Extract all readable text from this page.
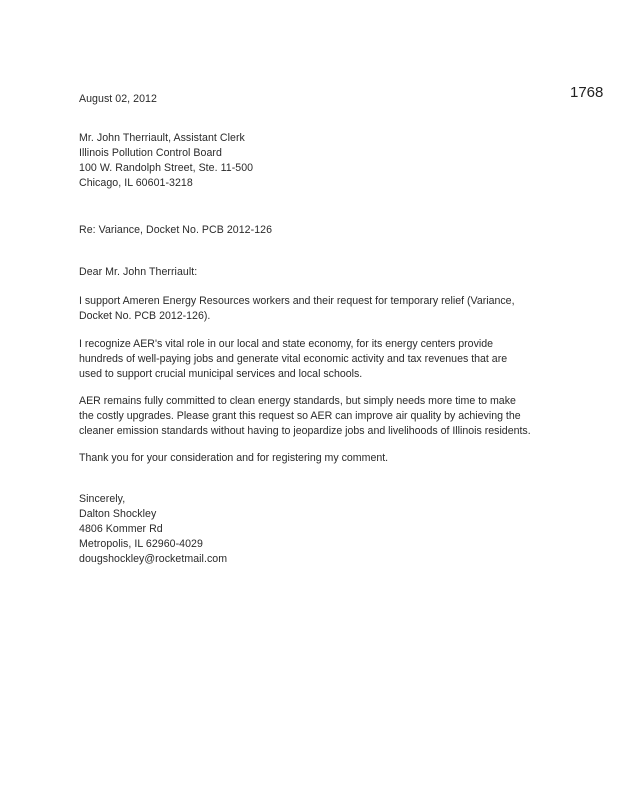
1768
August 02, 2012
Mr. John Therriault, Assistant Clerk
Illinois Pollution Control Board
100 W. Randolph Street, Ste. 11-500
Chicago, IL 60601-3218
Re: Variance, Docket No. PCB 2012-126
Dear Mr. John Therriault:
I support Ameren Energy Resources workers and their request for temporary relief (Variance,
Docket No. PCB 2012-126).
I recognize AER's vital role in our local and state economy, for its energy centers provide
hundreds of well-paying jobs and generate vital economic activity and tax revenues that are
used to support crucial municipal services and local schools.
AER remains fully committed to clean energy standards, but simply needs more time to make
the costly upgrades. Please grant this request so AER can improve air quality by achieving the
cleaner emission standards without having to jeopardize jobs and livelihoods of Illinois residents.
Thank you for your consideration and for registering my comment.
Sincerely,
Dalton Shockley
4806 Kommer Rd
Metropolis, IL 62960-4029
dougshockley@rocketmail.com
